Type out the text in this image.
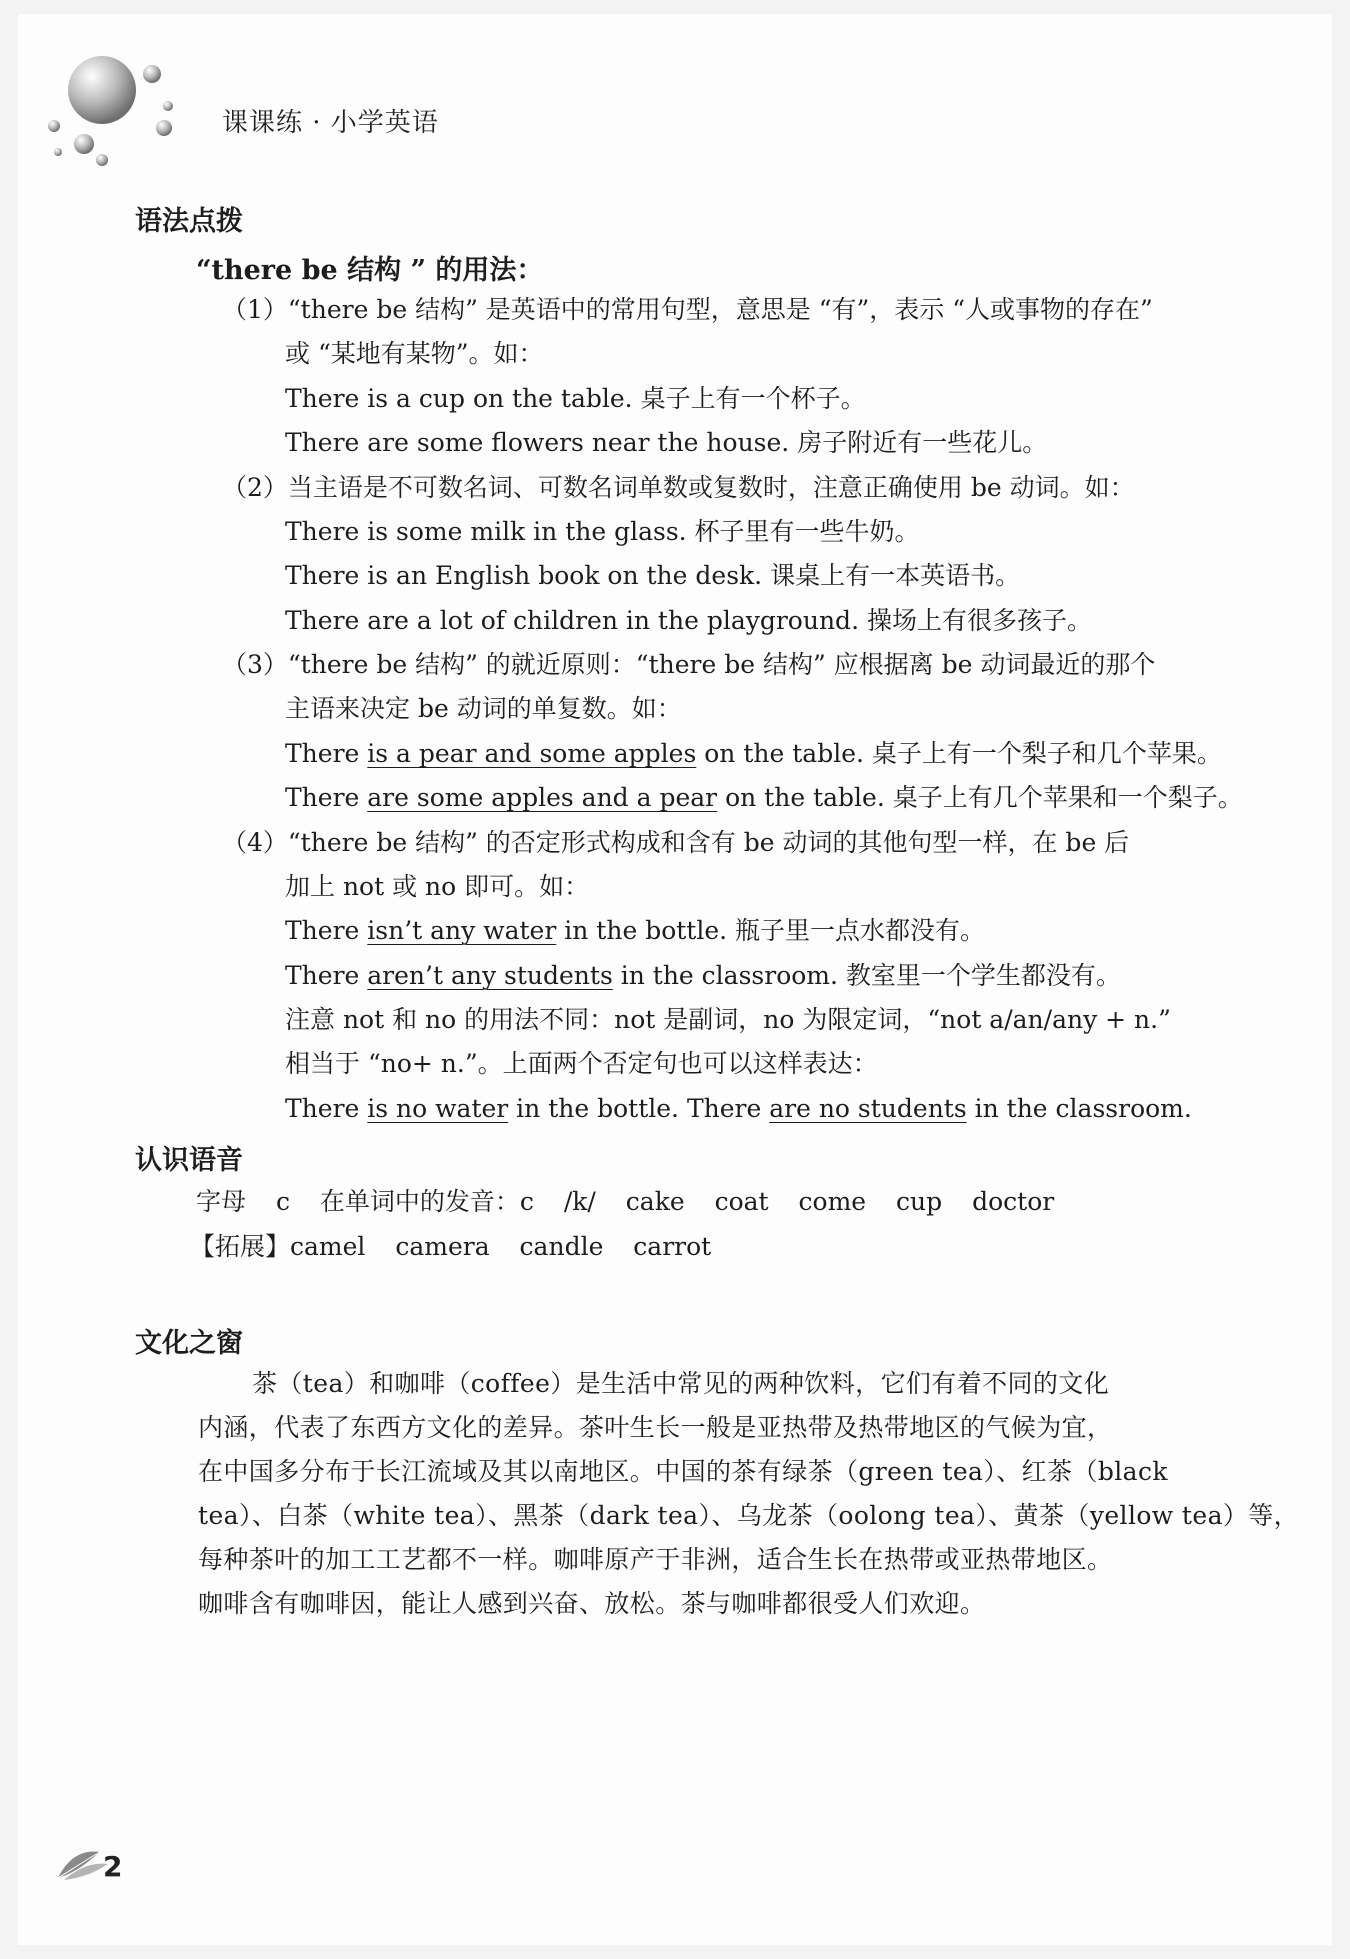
课课练 · 小学英语
语法点拨
“there be 结构 ” 的用法：
（1）“there be 结构” 是英语中的常用句型，意思是 “有”，表示 “人或事物的存在”
或 “某地有某物”。如：
There is a cup on the table. 桌子上有一个杯子。
There are some flowers near the house. 房子附近有一些花儿。
（2）当主语是不可数名词、可数名词单数或复数时，注意正确使用 be 动词。如：
There is some milk in the glass. 杯子里有一些牛奶。
There is an English book on the desk. 课桌上有一本英语书。
There are a lot of children in the playground. 操场上有很多孩子。
（3）“there be 结构” 的就近原则：“there be 结构” 应根据离 be 动词最近的那个
主语来决定 be 动词的单复数。如：
There is a pear and some apples on the table. 桌子上有一个梨子和几个苹果。
There are some apples and a pear on the table. 桌子上有几个苹果和一个梨子。
（4）“there be 结构” 的否定形式构成和含有 be 动词的其他句型一样，在 be 后
加上 not 或 no 即可。如：
There isn’t any water in the bottle. 瓶子里一点水都没有。
There aren’t any students in the classroom. 教室里一个学生都没有。
注意 not 和 no 的用法不同：not 是副词，no 为限定词，“not a/an/any + n.”
相当于 “no+ n.”。上面两个否定句也可以这样表达：
There is no water in the bottle. There are no students in the classroom.
认识语音
字母 c 在单词中的发音：c /k/ cake coat come cup doctor
【拓展】camel camera candle carrot
文化之窗
茶（tea）和咖啡（coffee）是生活中常见的两种饮料，它们有着不同的文化
内涵，代表了东西方文化的差异。茶叶生长一般是亚热带及热带地区的气候为宜，
在中国多分布于长江流域及其以南地区。中国的茶有绿茶（green tea）、红茶（black
tea）、白茶（white tea）、黑茶（dark tea）、乌龙茶（oolong tea）、黄茶（yellow tea）等，
每种茶叶的加工工艺都不一样。咖啡原产于非洲，适合生长在热带或亚热带地区。
咖啡含有咖啡因，能让人感到兴奋、放松。茶与咖啡都很受人们欢迎。
2
